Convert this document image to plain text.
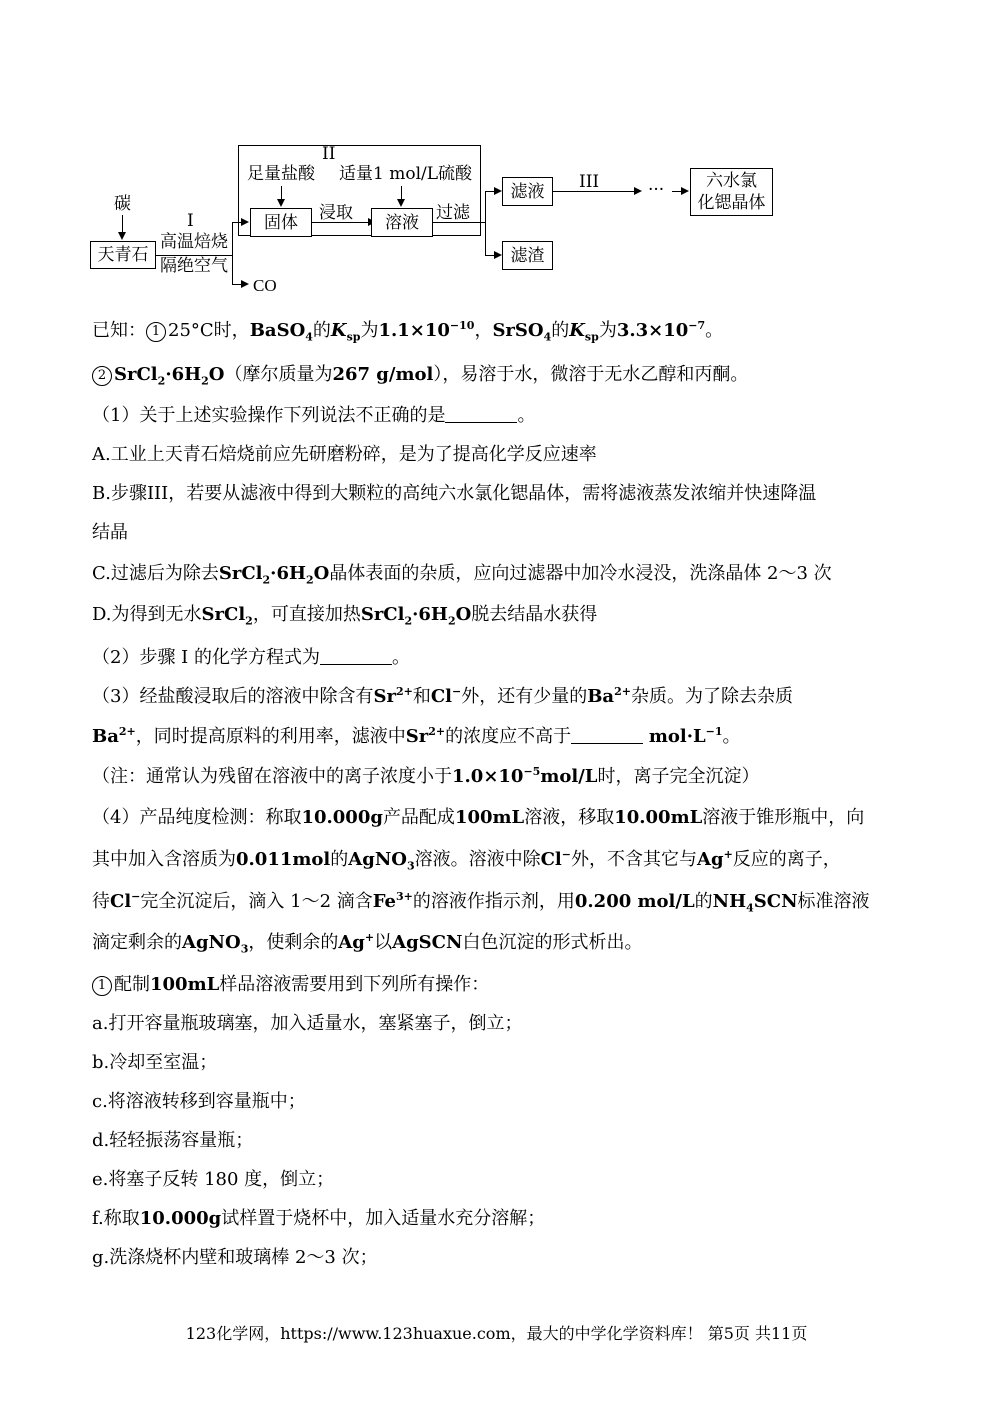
碳
天青石
I
高温焙烧
隔绝空气
CO
II
足量盐酸 适量1 mol/L硫酸
固体	浸取	溶液	过滤
滤液
滤渣
III	··· 六水氯
化锶晶体
已知： 1 25°C时，BaSO$_4$的$K_{sp}$为$1.1\times 10^{-10}$，SrSO$_4$的$K_{sp}$为$3.3\times 10^{-7}$。
2 $SrCl_2\cdot 6H_2O$（摩尔质量为267 g/mol），易溶于水，微溶于无水乙醇和丙酮。
（1）关于上述实验操作下列说法不正确的是	。
A.工业上天青石焙烧前应先研磨粉碎，是为了提高化学反应速率
B.步骤III，若要从滤液中得到大颗粒的高纯六水氯化锶晶体，需将滤液蒸发浓缩并快速降温
结晶
C.过滤后为除去$SrCl_2\cdot 6H_2O$晶体表面的杂质，应向过滤器中加冷水浸没，洗涤晶体 2～3 次
D.为得到无水SrCl$_2$，可直接加热$SrCl_2\cdot 6H_2O$脱去结晶水获得
（2）步骤 I 的化学方程式为	。
（3）经盐酸浸取后的溶液中除含有$Sr^{2+}$和Cl−外，还有少量的$Ba^{2+}$杂质。为了除去杂质
$Ba^{2+}$，同时提高原料的利用率，滤液中$Sr^{2+}$的浓度应不高于	$mol\cdot L^{-1}$。
（注：通常认为残留在溶液中的离子浓度小于$1.0\times 10^{-5}mol/L$时，离子完全沉淀）
（4）产品纯度检测：称取10.000g产品配成100mL溶液，移取10.00mL溶液于锥形瓶中，向
其中加入含溶质为0.011mol的AgNO$_3$溶液。溶液中除Cl−外，不含其它与Ag+反应的离子，
待Cl−完全沉淀后，滴入 1～2 滴含$Fe^{3+}$的溶液作指示剂，用0.200 mol/L的$NH_4SCN$标准溶液
滴定剩余的AgNO$_3$，使剩余的Ag+以AgSCN白色沉淀的形式析出。
1 配制100mL样品溶液需要用到下列所有操作：
a.打开容量瓶玻璃塞，加入适量水，塞紧塞子，倒立；
b.冷却至室温；
c.将溶液转移到容量瓶中；
d.轻轻振荡容量瓶；
e.将塞子反转 180 度，倒立；
f.称取10.000g试样置于烧杯中，加入适量水充分溶解；
g.洗涤烧杯内壁和玻璃棒 2～3 次；
123化学网，https://www.123huaxue.com，最大的中学化学资料库！ 第5页 共11页
